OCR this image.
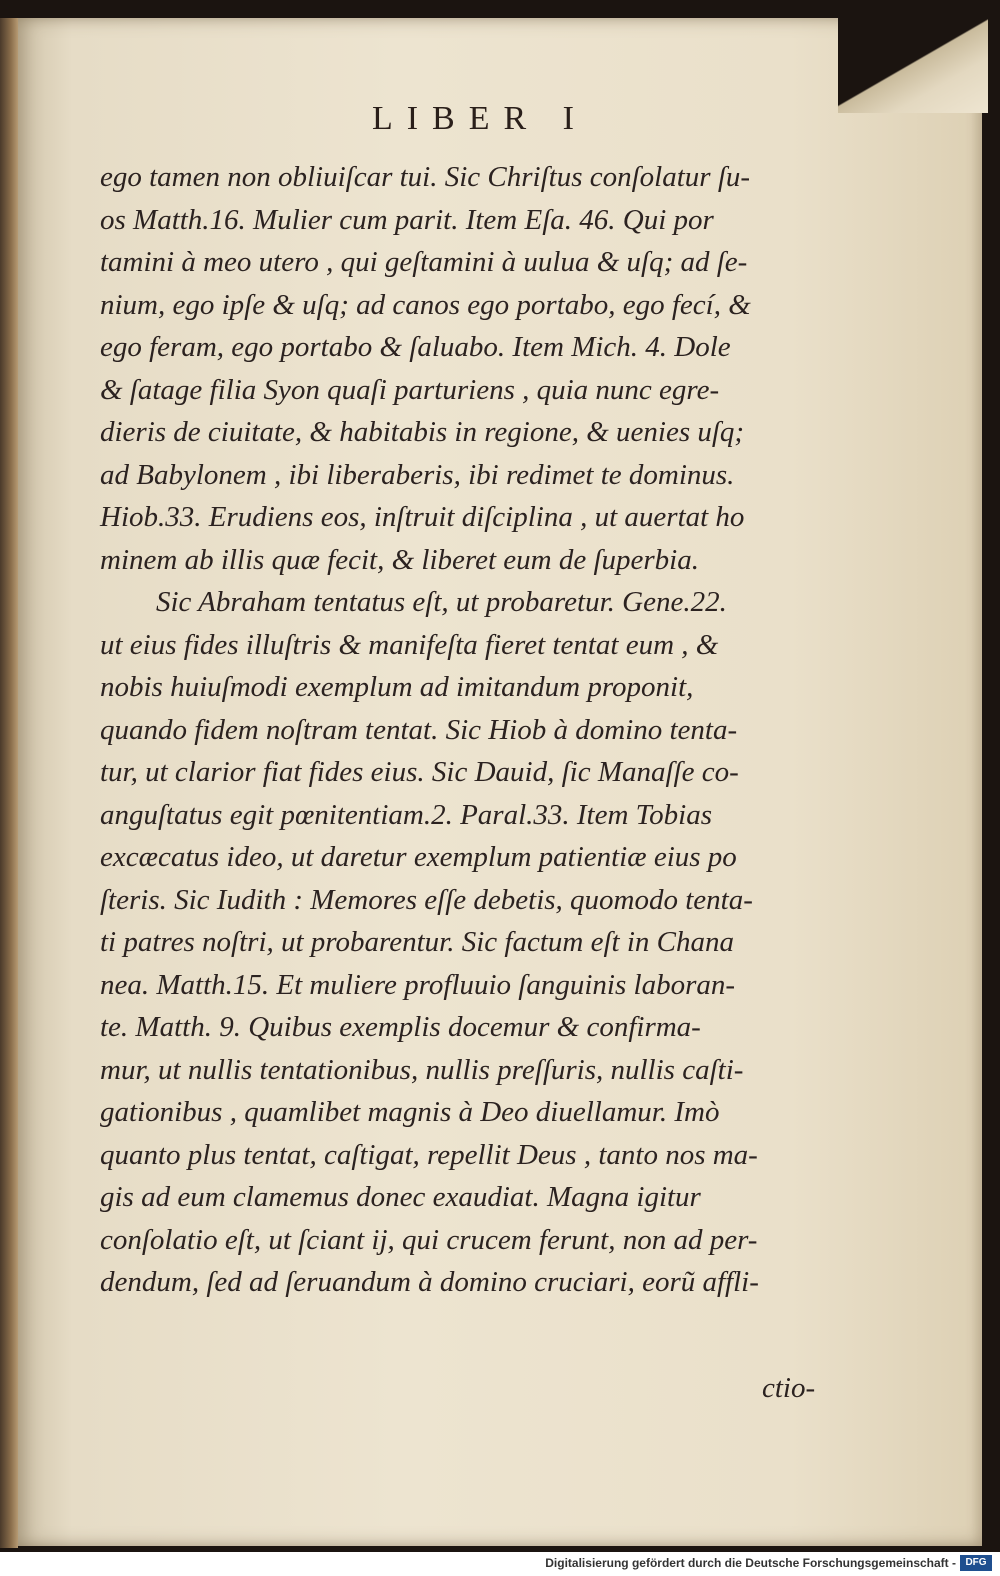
LIBER I
ego tamen non obliuiſcar tui. Sic Chriſtus conſolatur ſu-
os Matth.16. Mulier cum parit. Item Eſa. 46. Qui por
tamini à meo utero , qui geſtamini à uulua & uſq; ad ſe-
nium, ego ipſe & uſq; ad canos ego portabo, ego fecí, &
ego feram, ego portabo & ſaluabo. Item Mich. 4. Dole
& ſatage filia Syon quaſi parturiens , quia nunc egre-
dieris de ciuitate, & habitabis in regione, & uenies uſq;
ad Babylonem , ibi liberaberis, ibi redimet te dominus.
Hiob.33. Erudiens eos, inſtruit diſciplina , ut auertat ho
minem ab illis quæ fecit, & liberet eum de ſuperbia.
Sic Abraham tentatus eſt, ut probaretur. Gene.22.
ut eius fides illuſtris & manifeſta fieret tentat eum , &
nobis huiuſmodi exemplum ad imitandum proponit,
quando fidem noſtram tentat. Sic Hiob à domino tenta-
tur, ut clarior fiat fides eius. Sic Dauid, ſic Manaſſe co-
anguſtatus egit pœnitentiam.2. Paral.33. Item Tobias
excæcatus ideo, ut daretur exemplum patientiæ eius po
ſteris. Sic Iudith : Memores eſſe debetis, quomodo tenta-
ti patres noſtri, ut probarentur. Sic factum eſt in Chana
nea. Matth.15. Et muliere profluuio ſanguinis laboran-
te. Matth. 9. Quibus exemplis docemur & confirma-
mur, ut nullis tentationibus, nullis preſſuris, nullis caſti-
gationibus , quamlibet magnis à Deo diuellamur. Imò
quanto plus tentat, caſtigat, repellit Deus , tanto nos ma-
gis ad eum clamemus donec exaudiat. Magna igitur
conſolatio eſt, ut ſciant ij, qui crucem ferunt, non ad per-
dendum, ſed ad ſeruandum à domino cruciari, eorũ affli-
ctio-
Digitalisierung gefördert durch die Deutsche Forschungsgemeinschaft - DFG
